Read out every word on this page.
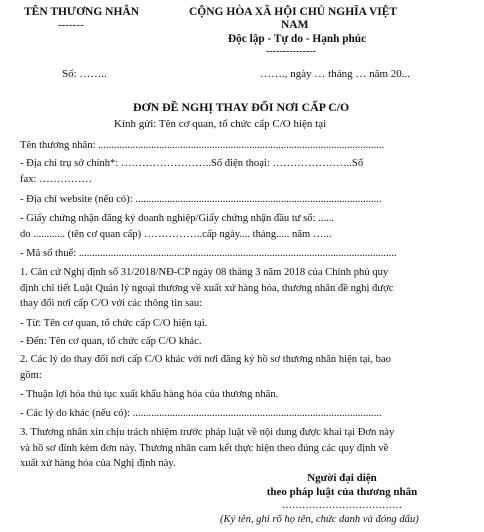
TÊN THƯƠNG NHÂN
-------
CỘNG HÒA XÃ HỘI CHỦ NGHĨA VIỆT
NAM
Độc lập - Tự do - Hạnh phúc
---------------
Số: ……..	……., ngày … tháng … năm 20...
ĐƠN ĐỀ NGHỊ THAY ĐỔI NƠI CẤP C/O
Kính gửi: Tên cơ quan, tổ chức cấp C/O hiện tại
Tên thương nhân: ............................................................................................................
- Địa chỉ trụ sở chính*: ……………………..Số điện thoại: …………………..Số
fax: ……………
- Địa chỉ website (nếu có): .............................................................................................
- Giấy chứng nhận đăng ký doanh nghiệp/Giấy chứng nhận đầu tư số: ......
do ............ (tên cơ quan cấp) ……………..cấp ngày.... tháng..... năm …...
- Mã số thuế: ........................................................................................................................
1. Căn cứ Nghị định số 31/2018/NĐ-CP ngày 08 tháng 3 năm 2018 của Chính phủ quy
định chi tiết Luật Quản lý ngoại thương về xuất xứ hàng hóa, thương nhân đề nghị được
thay đổi nơi cấp C/O với các thông tin sau:
- Từ: Tên cơ quan, tổ chức cấp C/O hiện tại.
- Đến: Tên cơ quan, tổ chức cấp C/O khác.
2. Các lý do thay đổi nơi cấp C/O khác với nơi đăng ký hồ sơ thương nhân hiện tại, bao
gồm:
- Thuận lợi hóa thủ tục xuất khẩu hàng hóa của thương nhân.
- Các lý do khác (nếu có): ..............................................................................................
3. Thương nhân xin chịu trách nhiệm trước pháp luật về nội dung được khai tại Đơn này
và hồ sơ đính kèm đơn này. Thương nhân cam kết thực hiện theo đúng các quy định về
xuất xứ hàng hóa của Nghị định này.
Người đại diện
theo pháp luật của thương nhân
………………………………
(Ký tên, ghi rõ họ tên, chức danh và đóng dấu)
